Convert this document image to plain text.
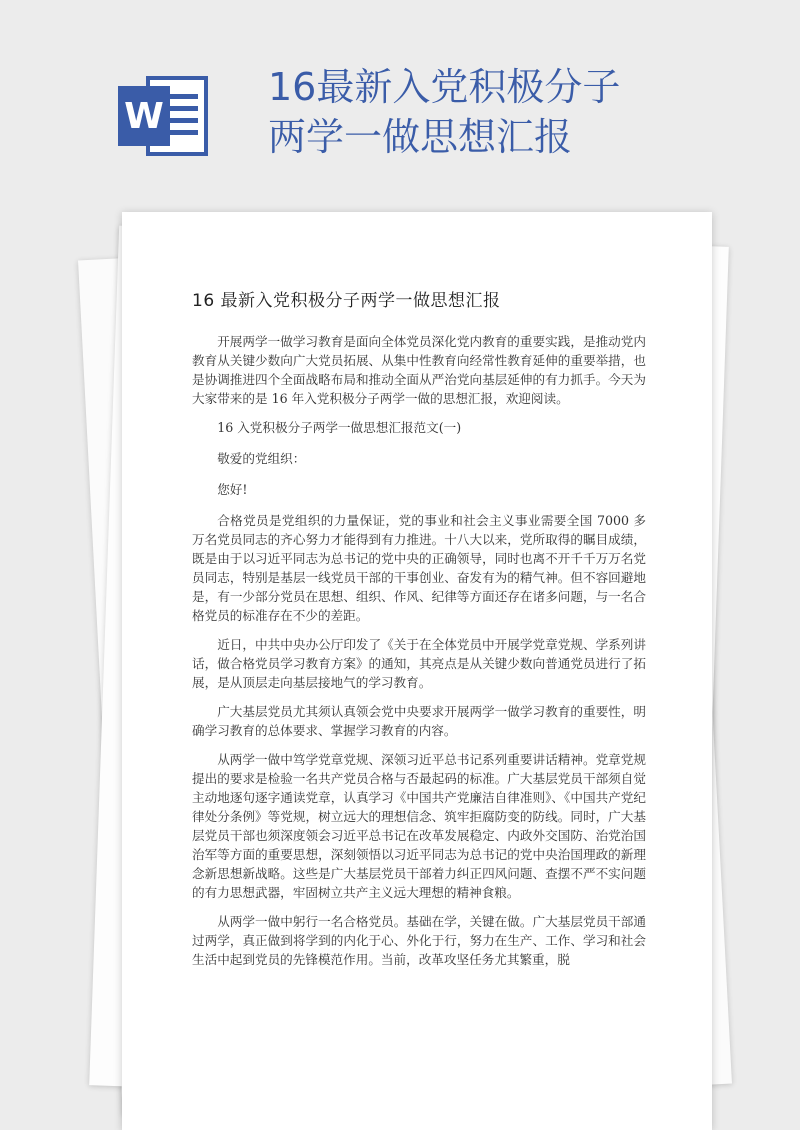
W
16最新入党积极分子
两学一做思想汇报
16 最新入党积极分子两学一做思想汇报

开展两学一做学习教育是面向全体党员深化党内教育的重要实践，是推动党内教育从关键少数向广大党员拓展、从集中性教育向经常性教育延伸的重要举措，也是协调推进四个全面战略布局和推动全面从严治党向基层延伸的有力抓手。今天为大家带来的是 16 年入党积极分子两学一做的思想汇报，欢迎阅读。

16 入党积极分子两学一做思想汇报范文(一)

敬爱的党组织：

您好!

合格党员是党组织的力量保证，党的事业和社会主义事业需要全国 7000 多万名党员同志的齐心努力才能得到有力推进。十八大以来，党所取得的瞩目成绩，既是由于以习近平同志为总书记的党中央的正确领导，同时也离不开千千万万名党员同志，特别是基层一线党员干部的干事创业、奋发有为的精气神。但不容回避地是，有一少部分党员在思想、组织、作风、纪律等方面还存在诸多问题，与一名合格党员的标准存在不少的差距。

近日，中共中央办公厅印发了《关于在全体党员中开展学党章党规、学系列讲话，做合格党员学习教育方案》的通知，其亮点是从关键少数向普通党员进行了拓展，是从顶层走向基层接地气的学习教育。

广大基层党员尤其须认真领会党中央要求开展两学一做学习教育的重要性，明确学习教育的总体要求、掌握学习教育的内容。

从两学一做中笃学党章党规、深领习近平总书记系列重要讲话精神。党章党规提出的要求是检验一名共产党员合格与否最起码的标准。广大基层党员干部须自觉主动地逐句逐字通读党章，认真学习《中国共产党廉洁自律准则》、《中国共产党纪律处分条例》等党规，树立远大的理想信念、筑牢拒腐防变的防线。同时，广大基层党员干部也须深度领会习近平总书记在改革发展稳定、内政外交国防、治党治国治军等方面的重要思想，深刻领悟以习近平同志为总书记的党中央治国理政的新理念新思想新战略。这些是广大基层党员干部着力纠正四风问题、查摆不严不实问题的有力思想武器，牢固树立共产主义远大理想的精神食粮。

从两学一做中躬行一名合格党员。基础在学，关键在做。广大基层党员干部通过两学，真正做到将学到的内化于心、外化于行，努力在生产、工作、学习和社会生活中起到党员的先锋模范作用。当前，改革攻坚任务尤其繁重，脱
